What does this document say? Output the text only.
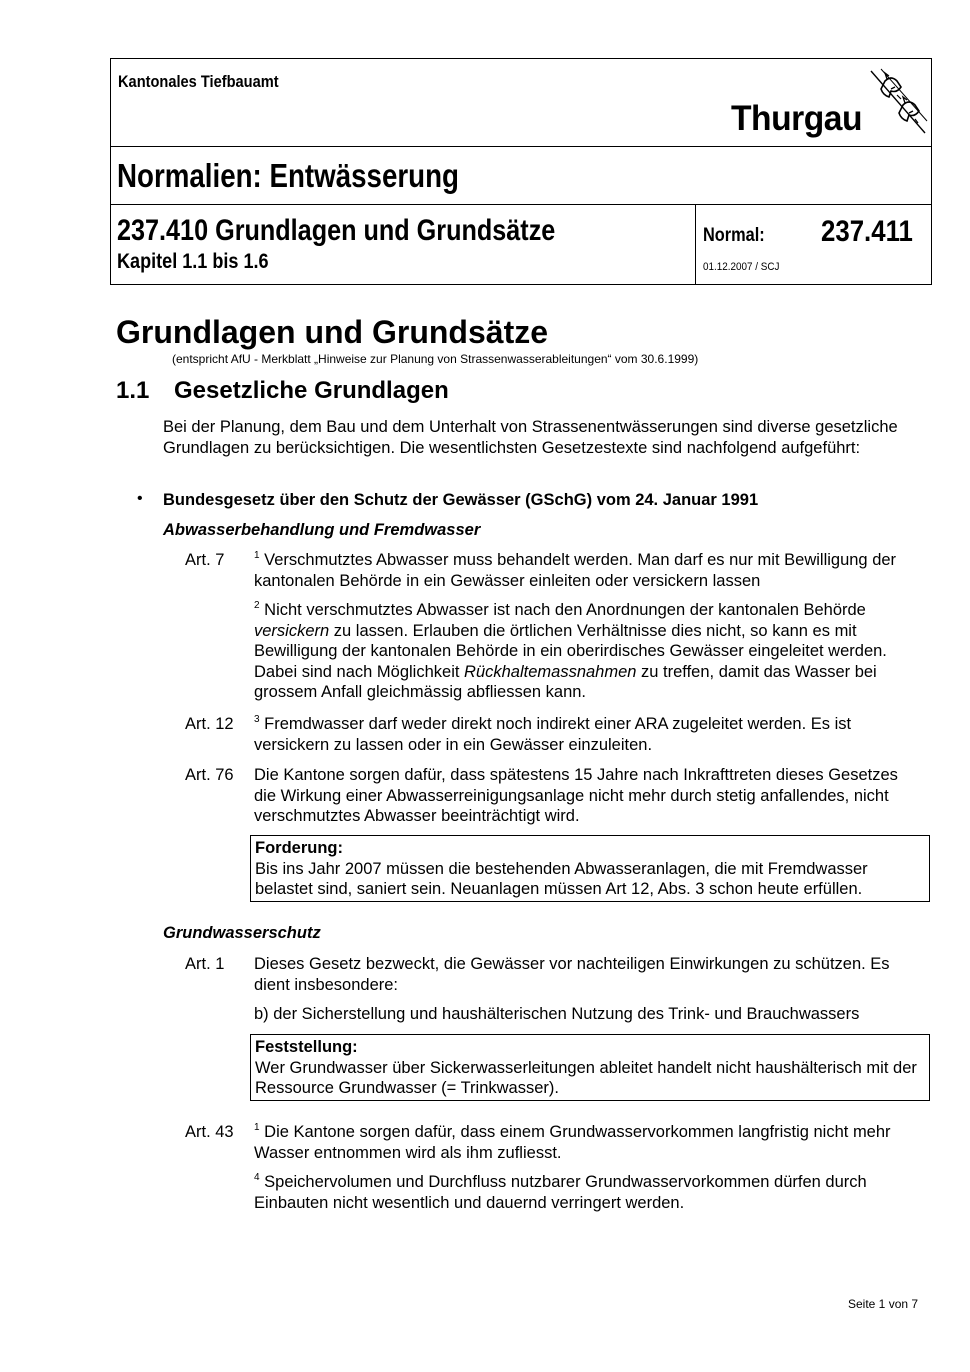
Kantonales Tiefbauamt
Thurgau
Normalien: Entwässerung
237.410 Grundlagen und Grundsätze
Kapitel 1.1 bis 1.6
Normal: 237.411
01.12.2007 / SCJ
Grundlagen und Grundsätze
(entspricht AfU - Merkblatt „Hinweise zur Planung von Strassenwasserableitungen“ vom 30.6.1999)
1.1 Gesetzliche Grundlagen

Bei der Planung, dem Bau und dem Unterhalt von Strassenentwässerungen sind diverse gesetzliche Grundlagen zu berücksichtigen. Die wesentlichsten Gesetzestexte sind nachfolgend aufgeführt:

• Bundesgesetz über den Schutz der Gewässer (GSchG) vom 24. Januar 1991
Abwasserbehandlung und Fremdwasser
Art. 7	$^1$ Verschmutztes Abwasser muss behandelt werden. Man darf es nur mit Bewilligung der kantonalen Behörde in ein Gewässer einleiten oder versickern lassen

$^2$ Nicht verschmutztes Abwasser ist nach den Anordnungen der kantonalen Behörde versickern zu lassen. Erlauben die örtlichen Verhältnisse dies nicht, so kann es mit Bewilligung der kantonalen Behörde in ein oberirdisches Gewässer eingeleitet werden. Dabei sind nach Möglichkeit Rückhaltemassnahmen zu treffen, damit das Wasser bei grossem Anfall gleichmässig abfliessen kann.

Art. 12 $^3$ Fremdwasser darf weder direkt noch indirekt einer ARA zugeleitet werden. Es ist versickern zu lassen oder in ein Gewässer einzuleiten.

Art. 76 Die Kantone sorgen dafür, dass spätestens 15 Jahre nach Inkrafttreten dieses Gesetzes die Wirkung einer Abwasserreinigungsanlage nicht mehr durch stetig anfallendes, nicht verschmutztes Abwasser beeinträchtigt wird.

Forderung:
Bis ins Jahr 2007 müssen die bestehenden Abwasseranlagen, die mit Fremdwasser belastet sind, saniert sein. Neuanlagen müssen Art 12, Abs. 3 schon heute erfüllen.
Grundwasserschutz
Art. 1 Dieses Gesetz bezweckt, die Gewässer vor nachteiligen Einwirkungen zu schützen. Es dient insbesondere:

b) der Sicherstellung und haushälterischen Nutzung des Trink- und Brauchwassers

Feststellung:
Wer Grundwasser über Sickerwasserleitungen ableitet handelt nicht haushälterisch mit der Ressource Grundwasser (= Trinkwasser).
Art. 43 $^1$ Die Kantone sorgen dafür, dass einem Grundwasservorkommen langfristig nicht mehr Wasser entnommen wird als ihm zufliesst.

$^4$ Speichervolumen und Durchfluss nutzbarer Grundwasservorkommen dürfen durch Einbauten nicht wesentlich und dauernd verringert werden.

Seite 1 von 7
